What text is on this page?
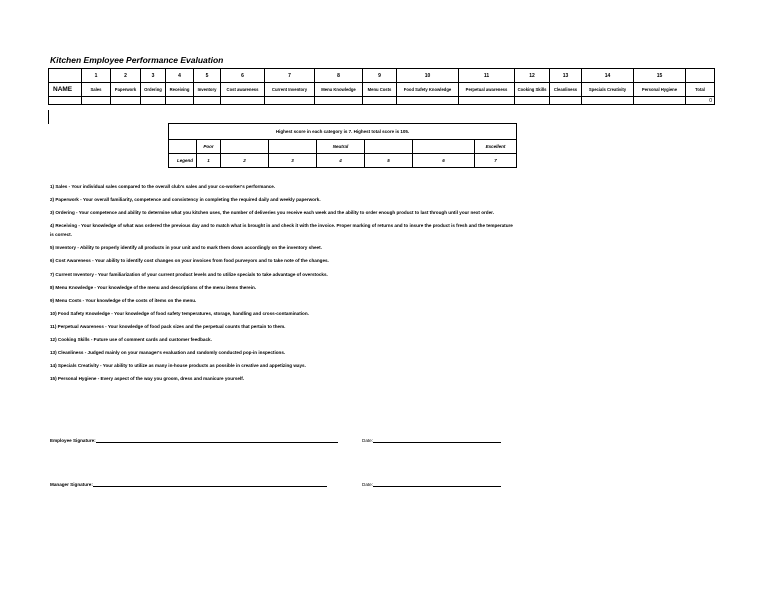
Kitchen Employee Performance Evaluation
	1	2	3	4	5	6	7	8	9	10	11	12	13	14	15	
NAME	Sales	Paperwork	Ordering	Receiving	Inventory	Cost awareness	Current Inventory	Menu Knowledge	Menu Costs	Food Safety Knowledge	Perpetual awareness	Cooking Skills	Cleanliness	Specials Creativity	Personal Hygiene	Total
																0
Highest score in each category is 7. Highest total score is 105.							
	Poor			Neutral			Excellent
Legend	1	2	3	4	5	6	7

1) Sales - Your individual sales compared to the overall club's sales and your co-worker's performance.

2) Paperwork - Your overall familiarity, competence and consistency in completing the required daily and weekly paperwork.

3) Ordering - Your competence and ability to determine what you kitchen uses, the number of deliveries you receive each week and the ability to order enough product to last through until your next order.

4) Receiving - Your knowledge of what was ordered the previous day and to match what is brought in and check it with the invoice. Proper marking of returns and to insure the product is fresh and the temperature

is correct.

5) Inventory - Ability to properly identify all products in your unit and to mark them down accordingly on the inventory sheet.

6) Cost Awareness - Your ability to identify cost changes on your invoices from food purveyors and to take note of the changes.

7) Current Inventory - Your familiarization of your current product levels and to utilize specials to take advantage of overstocks.

8) Menu Knowledge - Your knowledge of the menu and descriptions of the menu items therein.

9) Menu Costs - Your knowledge of the costs of items on the menu.

10) Food Safety Knowledge - Your knowledge of food safety temperatures, storage, handling and cross-contamination.

11) Perpetual Awareness - Your knowledge of food pack sizes and the perpetual counts that pertain to them.

12) Cooking Skills - Future use of comment cards and customer feedback.

13) Cleanliness - Judged mainly on your manager's evaluation and randomly conducted pop-in inspections.

14) Specials Creativity - Your ability to utilize as many in-house products as possible in creative and appetizing ways.

15) Personal Hygiene - Every aspect of the way you groom, dress and manicure yourself.

Employee Signature:	Date:
Manager Signature:	Date:
